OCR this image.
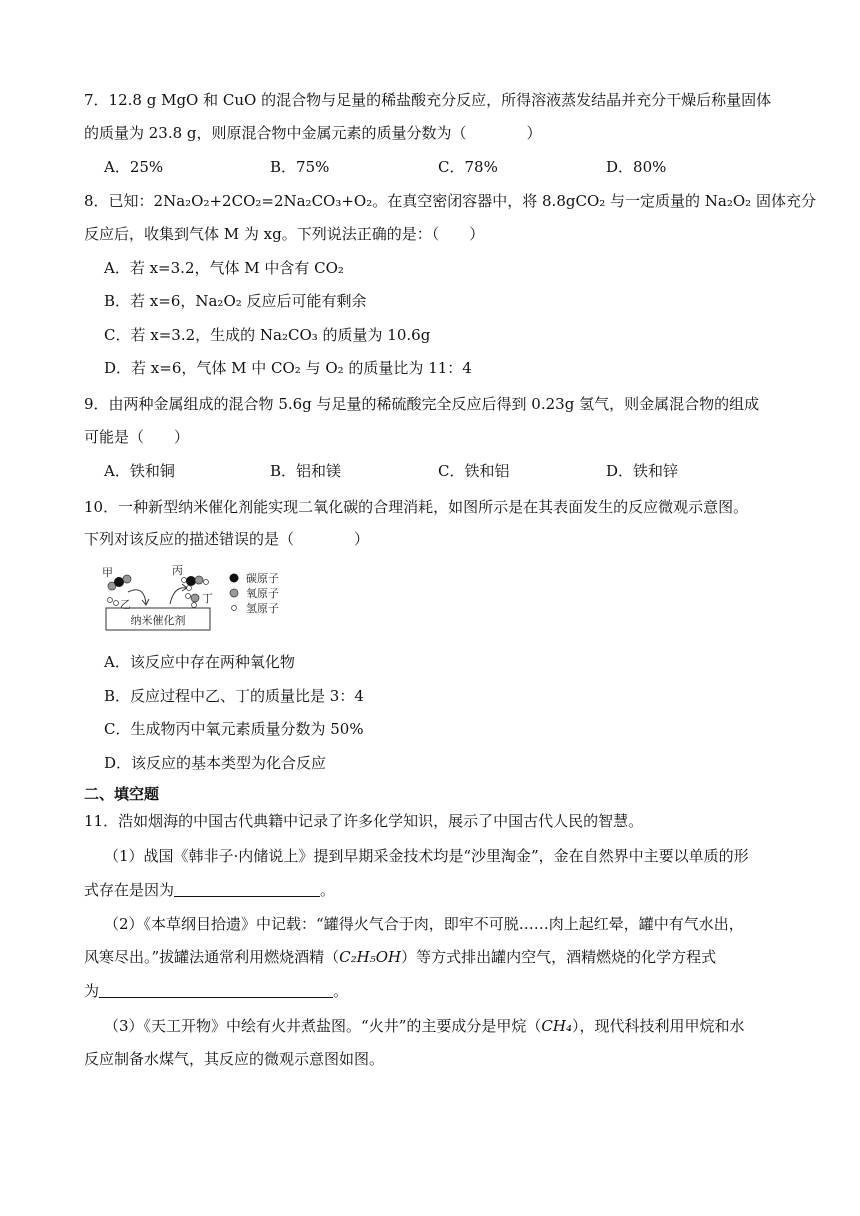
7．12.8 g MgO 和 CuO 的混合物与足量的稀盐酸充分反应，所得溶液蒸发结晶并充分干燥后称量固体
的质量为 23.8 g，则原混合物中金属元素的质量分数为（　　　　）
A．25%	B．75%	C．78%	D．80%
8．已知：2Na₂O₂+2CO₂=2Na₂CO₃+O₂。在真空密闭容器中，将 8.8gCO₂ 与一定质量的 Na₂O₂ 固体充分
反应后，收集到气体 M 为 xg。下列说法正确的是：（　　）
A．若 x=3.2，气体 M 中含有 CO₂
B．若 x=6，Na₂O₂ 反应后可能有剩余
C．若 x=3.2，生成的 Na₂CO₃ 的质量为 10.6g
D．若 x=6，气体 M 中 CO₂ 与 O₂ 的质量比为 11：4
9．由两种金属组成的混合物 5.6g 与足量的稀硫酸完全反应后得到 0.23g 氢气，则金属混合物的组成
可能是（　　）
A．铁和铜	B．铝和镁	C．铁和铝	D．铁和锌
10．一种新型纳米催化剂能实现二氧化碳的合理消耗，如图所示是在其表面发生的反应微观示意图。
下列对该反应的描述错误的是（　　　　）
纳米催化剂
甲
乙
丙
丁
碳原子
氧原子
氢原子
A．该反应中存在两种氧化物
B．反应过程中乙、丁的质量比是 3：4
C．生成物丙中氧元素质量分数为 50%
D．该反应的基本类型为化合反应
二、填空题
11．浩如烟海的中国古代典籍中记录了许多化学知识，展示了中国古代人民的智慧。
（1）战国《韩非子·内储说上》提到早期采金技术均是“沙里淘金”，金在自然界中主要以单质的形
式存在是因为	。
（2）《本草纲目拾遗》中记载：“罐得火气合于肉，即牢不可脱……肉上起红晕，罐中有气水出，
风寒尽出。”拔罐法通常利用燃烧酒精（C₂H₅OH）等方式排出罐内空气，酒精燃烧的化学方程式
为	。
（3）《天工开物》中绘有火井煮盐图。“火井”的主要成分是甲烷（CH₄），现代科技利用甲烷和水
反应制备水煤气，其反应的微观示意图如图。
